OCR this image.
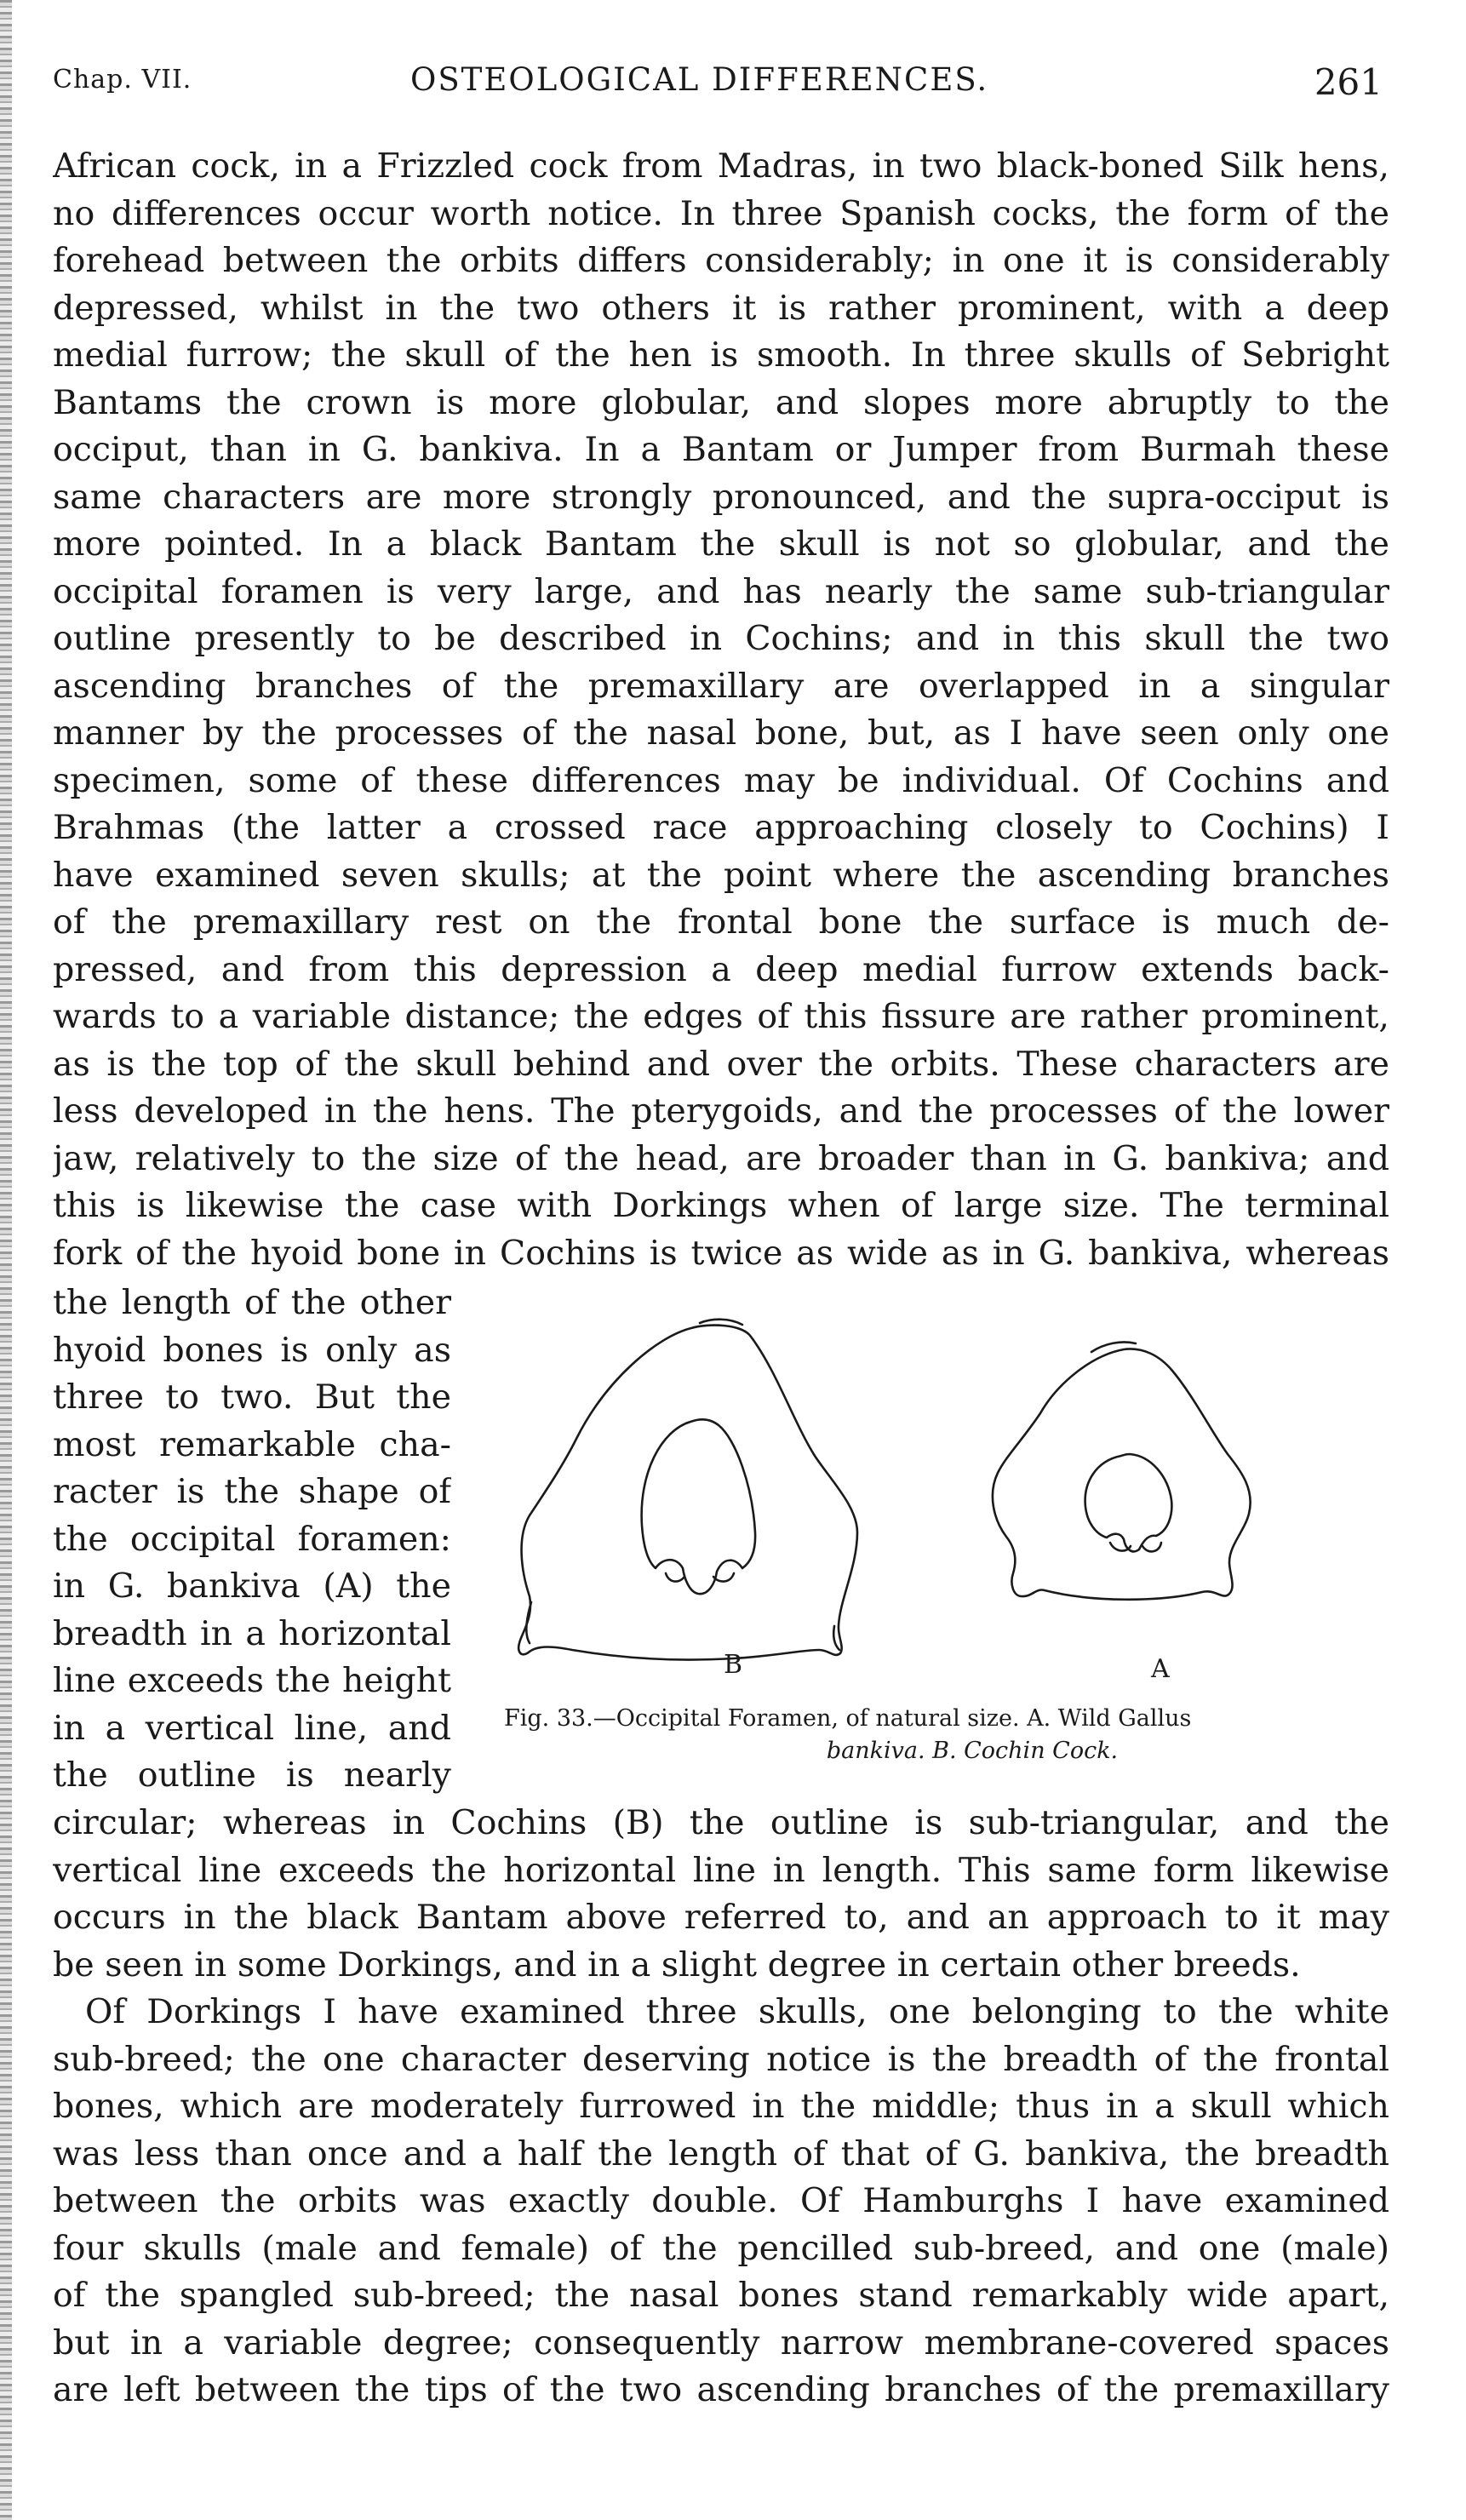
Chap. VII.	OSTEOLOGICAL DIFFERENCES.	261
African cock, in a Frizzled cock from Madras, in two black-boned Silk hens,
no differences occur worth notice. In three Spanish cocks, the form of the
forehead between the orbits differs considerably; in one it is considerably
depressed, whilst in the two others it is rather prominent, with a deep
medial furrow; the skull of the hen is smooth. In three skulls of Sebright
Bantams the crown is more globular, and slopes more abruptly to the
occiput, than in G. bankiva. In a Bantam or Jumper from Burmah these
same characters are more strongly pronounced, and the supra-occiput is
more pointed. In a black Bantam the skull is not so globular, and the
occipital foramen is very large, and has nearly the same sub-triangular
outline presently to be described in Cochins; and in this skull the two
ascending branches of the premaxillary are overlapped in a singular
manner by the processes of the nasal bone, but, as I have seen only one
specimen, some of these differences may be individual. Of Cochins and
Brahmas (the latter a crossed race approaching closely to Cochins) I
have examined seven skulls; at the point where the ascending branches
of the premaxillary rest on the frontal bone the surface is much de-
pressed, and from this depression a deep medial furrow extends back-
wards to a variable distance; the edges of this fissure are rather prominent,
as is the top of the skull behind and over the orbits. These characters are
less developed in the hens. The pterygoids, and the processes of the lower
jaw, relatively to the size of the head, are broader than in G. bankiva; and
this is likewise the case with Dorkings when of large size. The terminal
fork of the hyoid bone in Cochins is twice as wide as in G. bankiva, whereas
the length of the other
hyoid bones is only as
three to two. But the
most remarkable cha-
racter is the shape of
the occipital foramen:
in G. bankiva (A) the
breadth in a horizontal
line exceeds the height
in a vertical line, and
the outline is nearly
B	A
Fig. 33.—Occipital Foramen, of natural size. A. Wild Gallus
bankiva. B. Cochin Cock.
circular; whereas in Cochins (B) the outline is sub-triangular, and the
vertical line exceeds the horizontal line in length. This same form likewise
occurs in the black Bantam above referred to, and an approach to it may
be seen in some Dorkings, and in a slight degree in certain other breeds.
Of Dorkings I have examined three skulls, one belonging to the white
sub-breed; the one character deserving notice is the breadth of the frontal
bones, which are moderately furrowed in the middle; thus in a skull which
was less than once and a half the length of that of G. bankiva, the breadth
between the orbits was exactly double. Of Hamburghs I have examined
four skulls (male and female) of the pencilled sub-breed, and one (male)
of the spangled sub-breed; the nasal bones stand remarkably wide apart,
but in a variable degree; consequently narrow membrane-covered spaces
are left between the tips of the two ascending branches of the premaxillary
